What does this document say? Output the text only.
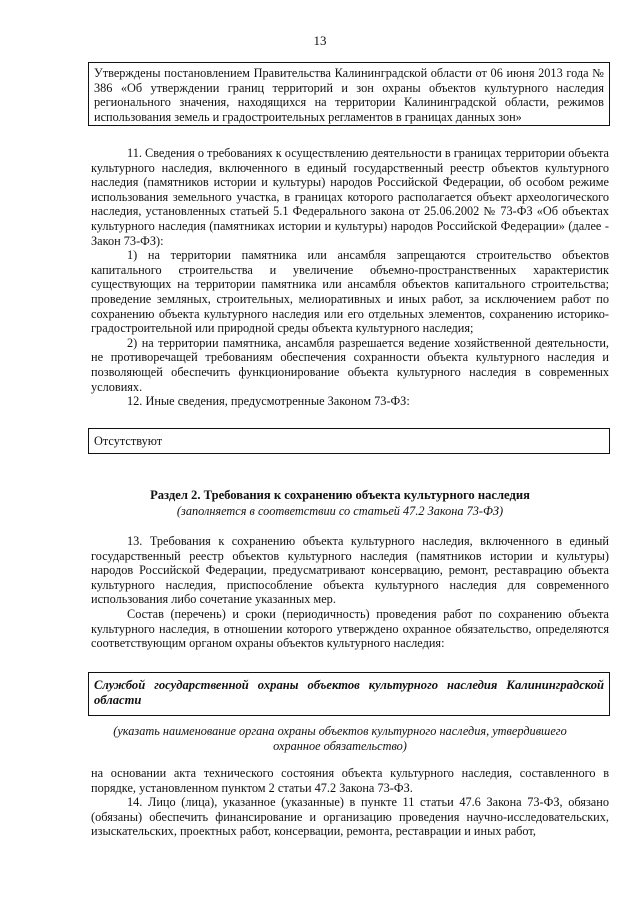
13
Утверждены постановлением Правительства Калининградской области от 06 июня 2013 года № 386 «Об утверждении границ территорий и зон охраны объектов культурного наследия регионального значения, находящихся на территории Калининградской области, режимов использования земель и градостроительных регламентов в границах данных зон»

11. Сведения о требованиях к осуществлению деятельности в границах территории объекта культурного наследия, включенного в единый государственный реестр объектов культурного наследия (памятников истории и культуры) народов Российской Федерации, об особом режиме использования земельного участка, в границах которого располагается объект археологического наследия, установленных статьей 5.1 Федерального закона от 25.06.2002 № 73-ФЗ «Об объектах культурного наследия (памятниках истории и культуры) народов Российской Федерации» (далее - Закон 73-ФЗ):

1) на территории памятника или ансамбля запрещаются строительство объектов капитального строительства и увеличение объемно-пространственных характеристик существующих на территории памятника или ансамбля объектов капитального строительства; проведение земляных, строительных, мелиоративных и иных работ, за исключением работ по сохранению объекта культурного наследия или его отдельных элементов, сохранению историко-градостроительной или природной среды объекта культурного наследия;

2) на территории памятника, ансамбля разрешается ведение хозяйственной деятельности, не противоречащей требованиям обеспечения сохранности объекта культурного наследия и позволяющей обеспечить функционирование объекта культурного наследия в современных условиях.

12. Иные сведения, предусмотренные Законом 73-ФЗ:

Отсутствуют
Раздел 2. Требования к сохранению объекта культурного наследия
(заполняется в соответствии со статьей 47.2 Закона 73-ФЗ)

13. Требования к сохранению объекта культурного наследия, включенного в единый государственный реестр объектов культурного наследия (памятников истории и культуры) народов Российской Федерации, предусматривают консервацию, ремонт, реставрацию объекта культурного наследия, приспособление объекта культурного наследия для современного использования либо сочетание указанных мер.

Состав (перечень) и сроки (периодичность) проведения работ по сохранению объекта культурного наследия, в отношении которого утверждено охранное обязательство, определяются соответствующим органом охраны объектов культурного наследия:

Службой государственной охраны объектов культурного наследия Калининградской области
(указать наименование органа охраны объектов культурного наследия, утвердившего охранное обязательство)

на основании акта технического состояния объекта культурного наследия, составленного в порядке, установленном пунктом 2 статьи 47.2 Закона 73-ФЗ.

14. Лицо (лица), указанное (указанные) в пункте 11 статьи 47.6 Закона 73-ФЗ, обязано (обязаны) обеспечить финансирование и организацию проведения научно-исследовательских, изыскательских, проектных работ, консервации, ремонта, реставрации и иных работ,
